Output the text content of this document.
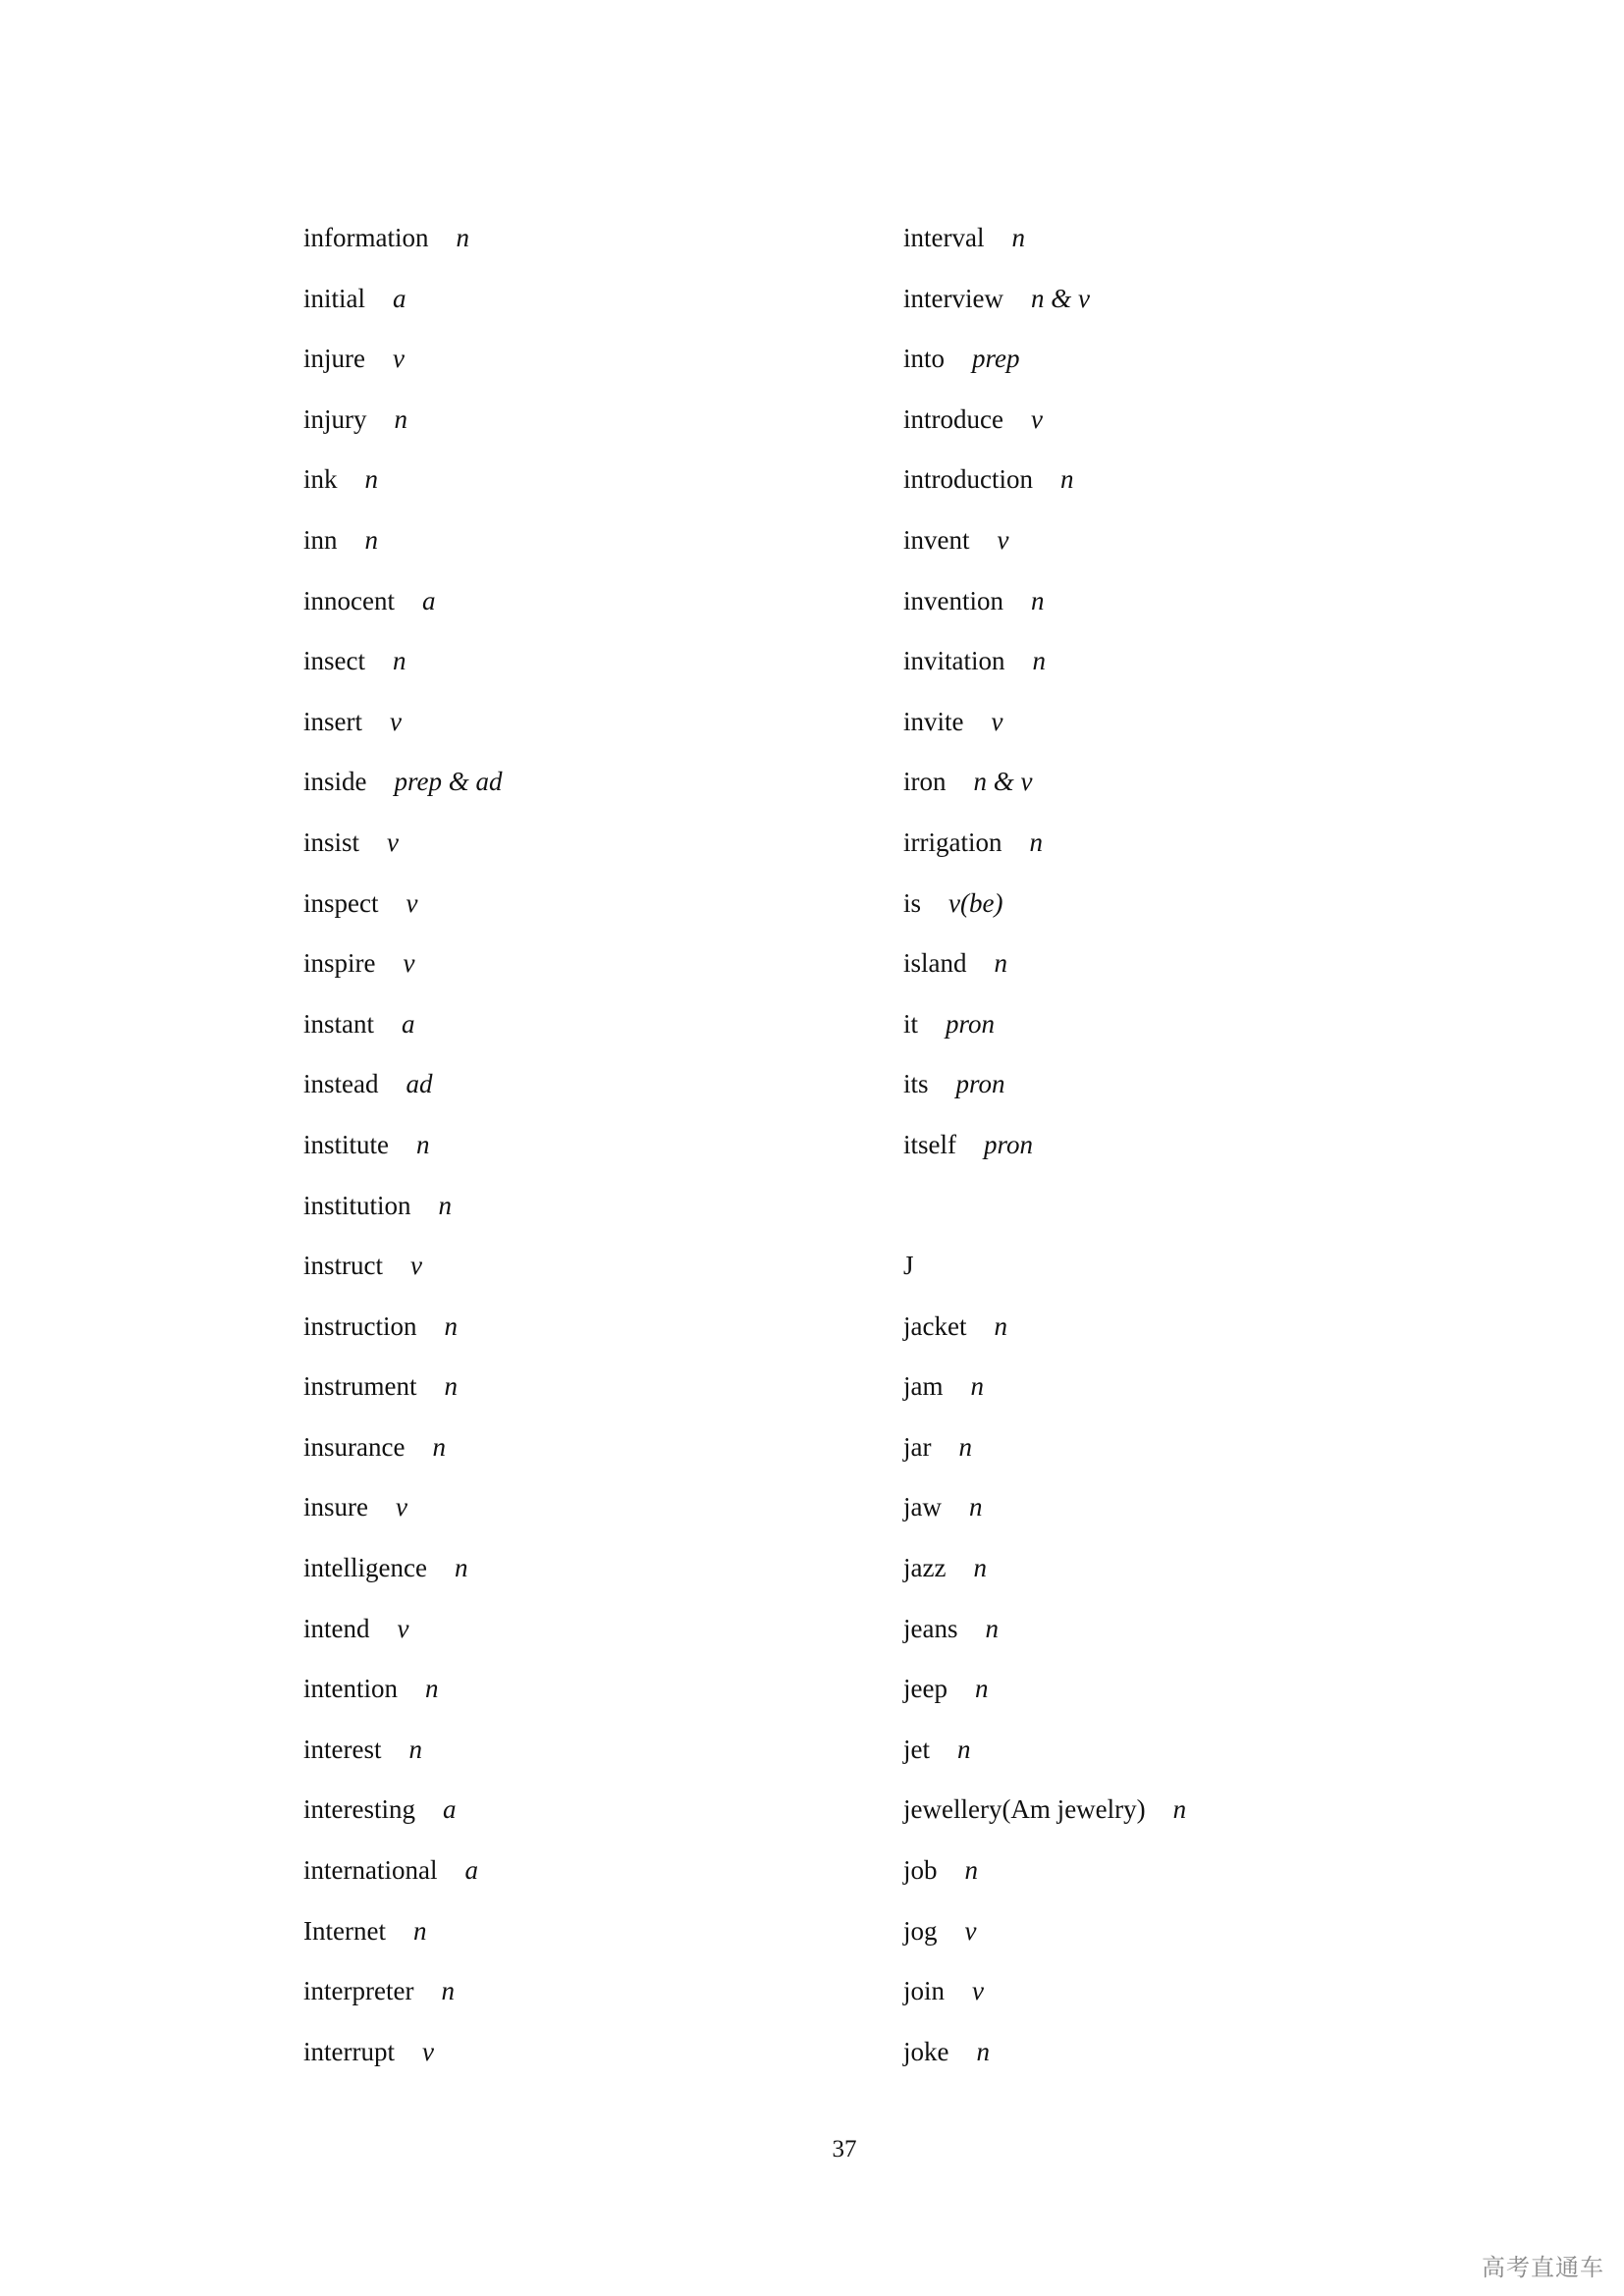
information n
initial a
injure v
injury n
ink n
inn n
innocent a
insect n
insert v
inside prep & ad
insist v
inspect v
inspire v
instant a
instead ad
institute n
institution n
instruct v
instruction n
instrument n
insurance n
insure v
intelligence n
intend v
intention n
interest n
interesting a
international a
Internet n
interpreter n
interrupt v
interval n
interview n & v
into prep
introduce v
introduction n
invent v
invention n
invitation n
invite v
iron n & v
irrigation n
is v(be)
island n
it pron
its pron
itself pron
J
jacket n
jam n
jar n
jaw n
jazz n
jeans n
jeep n
jet n
jewellery(Am jewelry) n
job n
jog v
join v
joke n
37
高考直通车
